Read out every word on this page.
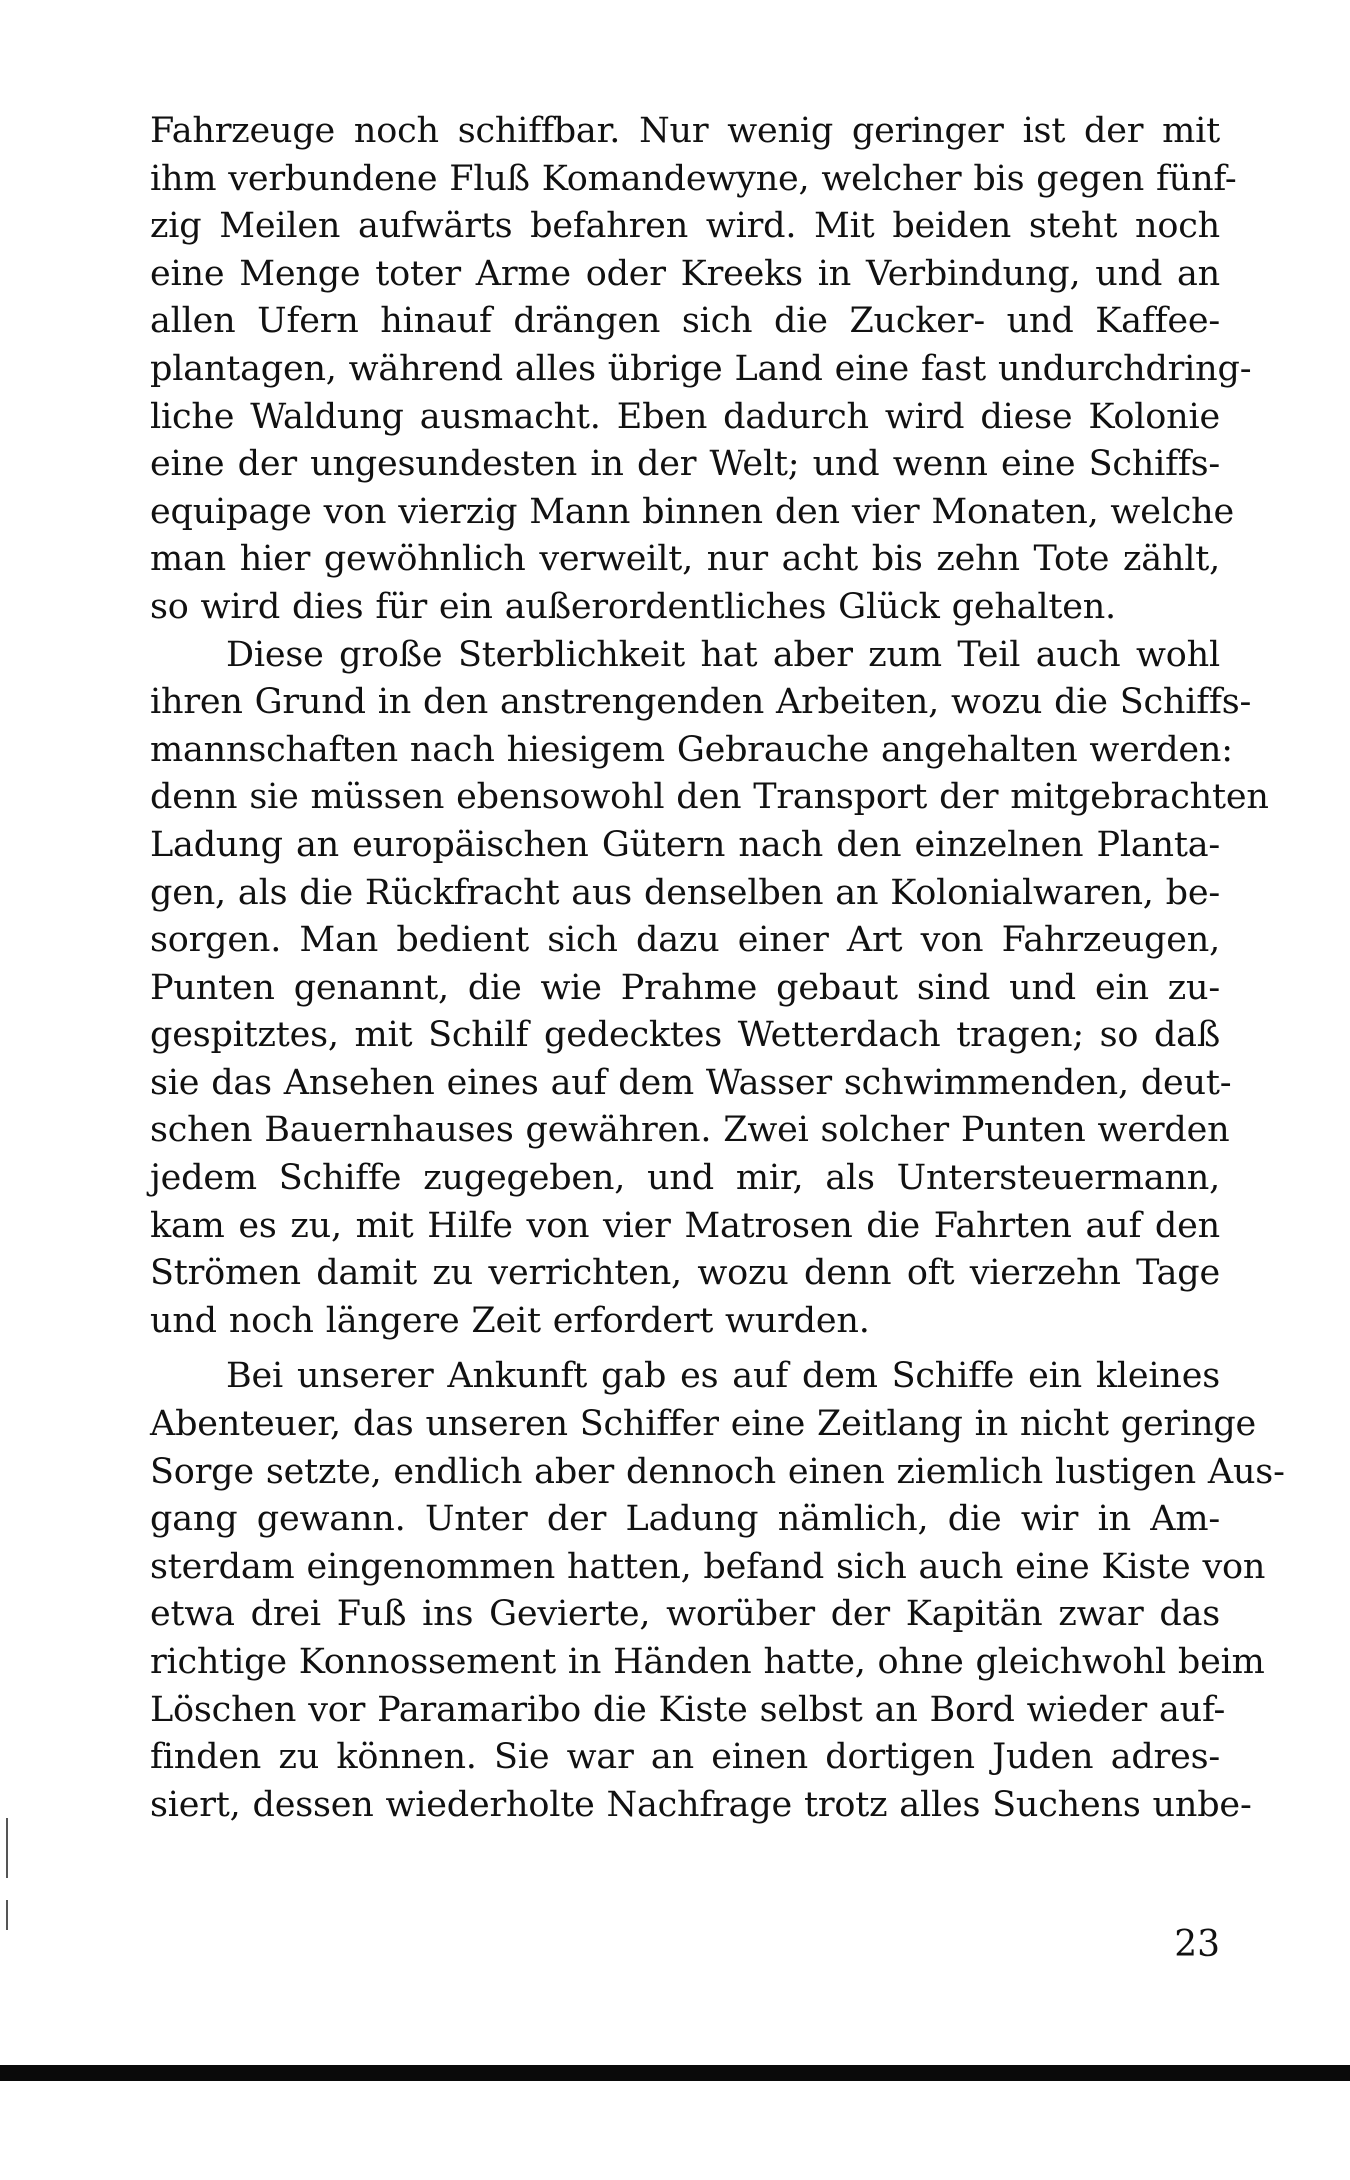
Fahrzeuge noch schiffbar. Nur wenig geringer ist der mit
ihm verbundene Fluß Komandewyne, welcher bis gegen fünf-
zig Meilen aufwärts befahren wird. Mit beiden steht noch
eine Menge toter Arme oder Kreeks in Verbindung, und an
allen Ufern hinauf drängen sich die Zucker- und Kaffee-
plantagen, während alles übrige Land eine fast undurchdring-
liche Waldung ausmacht. Eben dadurch wird diese Kolonie
eine der ungesundesten in der Welt; und wenn eine Schiffs-
equipage von vierzig Mann binnen den vier Monaten, welche
man hier gewöhnlich verweilt, nur acht bis zehn Tote zählt,
so wird dies für ein außerordentliches Glück gehalten.

Diese große Sterblichkeit hat aber zum Teil auch wohl
ihren Grund in den anstrengenden Arbeiten, wozu die Schiffs-
mannschaften nach hiesigem Gebrauche angehalten werden:
denn sie müssen ebensowohl den Transport der mitgebrachten
Ladung an europäischen Gütern nach den einzelnen Planta-
gen, als die Rückfracht aus denselben an Kolonialwaren, be-
sorgen. Man bedient sich dazu einer Art von Fahrzeugen,
Punten genannt, die wie Prahme gebaut sind und ein zu-
gespitztes, mit Schilf gedecktes Wetterdach tragen; so daß
sie das Ansehen eines auf dem Wasser schwimmenden, deut-
schen Bauernhauses gewähren. Zwei solcher Punten werden
jedem Schiffe zugegeben, und mir, als Untersteuermann,
kam es zu, mit Hilfe von vier Matrosen die Fahrten auf den
Strömen damit zu verrichten, wozu denn oft vierzehn Tage
und noch längere Zeit erfordert wurden.

Bei unserer Ankunft gab es auf dem Schiffe ein kleines
Abenteuer, das unseren Schiffer eine Zeitlang in nicht geringe
Sorge setzte, endlich aber dennoch einen ziemlich lustigen Aus-
gang gewann. Unter der Ladung nämlich, die wir in Am-
sterdam eingenommen hatten, befand sich auch eine Kiste von
etwa drei Fuß ins Gevierte, worüber der Kapitän zwar das
richtige Konnossement in Händen hatte, ohne gleichwohl beim
Löschen vor Paramaribo die Kiste selbst an Bord wieder auf-
finden zu können. Sie war an einen dortigen Juden adres-
siert, dessen wiederholte Nachfrage trotz alles Suchens unbe-

23
